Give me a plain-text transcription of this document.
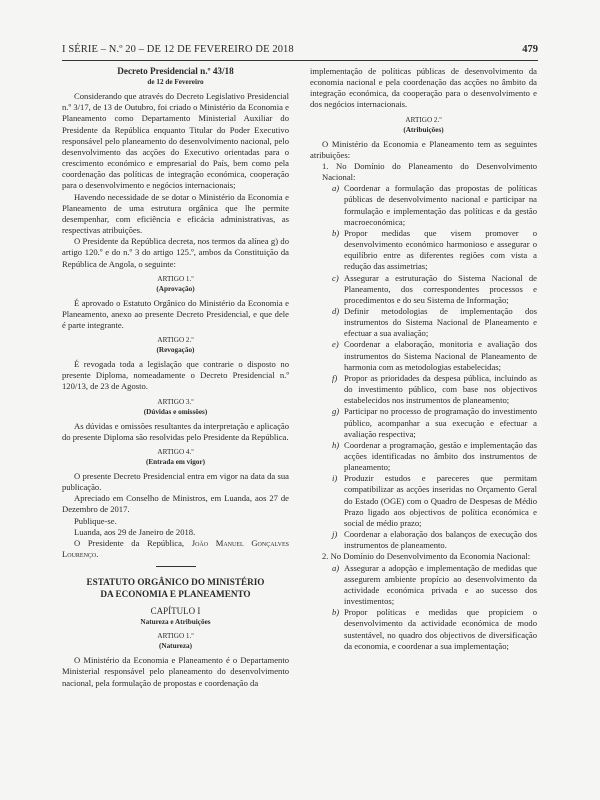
I SÉRIE – N.º 20 – DE 12 DE FEVEREIRO DE 2018	479

Decreto Presidencial n.º 43/18

de 12 de Fevereiro

Considerando que através do Decreto Legislativo Presidencial n.º 3/17, de 13 de Outubro, foi criado o Ministério da Economia e Planeamento como Departamento Ministerial Auxiliar do Presidente da República enquanto Titular do Poder Executivo responsável pelo planeamento do desenvolvimento nacional, pelo desenvolvimento das acções do Executivo orientadas para o crescimento económico e empresarial do País, bem como pela coordenação das políticas de integração económica, cooperação para o desenvolvimento e negócios internacionais;

Havendo necessidade de se dotar o Ministério da Economia e Planeamento de uma estrutura orgânica que lhe permite desempenhar, com eficiência e eficácia administrativas, as respectivas atribuições.

O Presidente da República decreta, nos termos da alínea g) do artigo 120.º e do n.º 3 do artigo 125.º, ambos da Constituição da República de Angola, o seguinte:

ARTIGO 1.º

(Aprovação)

É aprovado o Estatuto Orgânico do Ministério da Economia e Planeamento, anexo ao presente Decreto Presidencial, e que dele é parte integrante.

ARTIGO 2.º

(Revogação)

É revogada toda a legislação que contrarie o disposto no presente Diploma, nomeadamente o Decreto Presidencial n.º 120/13, de 23 de Agosto.

ARTIGO 3.º

(Dúvidas e omissões)

As dúvidas e omissões resultantes da interpretação e aplicação do presente Diploma são resolvidas pelo Presidente da República.

ARTIGO 4.º

(Entrada em vigor)

O presente Decreto Presidencial entra em vigor na data da sua publicação.

Apreciado em Conselho de Ministros, em Luanda, aos 27 de Dezembro de 2017.

Publique-se.

Luanda, aos 29 de Janeiro de 2018.

O Presidente da República, João Manuel Gonçalves Lourenço.

ESTATUTO ORGÂNICO DO MINISTÉRIO

DA ECONOMIA E PLANEAMENTO

CAPÍTULO I

Natureza e Atribuições

ARTIGO 1.º

(Natureza)

O Ministério da Economia e Planeamento é o Departamento Ministerial responsável pelo planeamento do desenvolvimento nacional, pela formulação de propostas e coordenação da

implementação de políticas públicas de desenvolvimento da economia nacional e pela coordenação das acções no âmbito da integração económica, da cooperação para o desenvolvimento e dos negócios internacionais.

ARTIGO 2.º

(Atribuições)

O Ministério da Economia e Planeamento tem as seguintes atribuições:

1. No Domínio do Planeamento do Desenvolvimento Nacional:

a) Coordenar a formulação das propostas de políticas públicas de desenvolvimento nacional e participar na formulação e implementação das políticas e da gestão macroeconómica;

b) Propor medidas que visem promover o desenvolvimento económico harmonioso e assegurar o equilíbrio entre as diferentes regiões com vista a redução das assimetrias;

c) Assegurar a estruturação do Sistema Nacional de Planeamento, dos correspondentes processos e procedimentos e do seu Sistema de Informação;

d) Definir metodologias de implementação dos instrumentos do Sistema Nacional de Planeamento e efectuar a sua avaliação;

e) Coordenar a elaboração, monitoria e avaliação dos instrumentos do Sistema Nacional de Planeamento de harmonia com as metodologias estabelecidas;

f) Propor as prioridades da despesa pública, incluindo as do investimento público, com base nos objectivos estabelecidos nos instrumentos de planeamento;

g) Participar no processo de programação do investimento público, acompanhar a sua execução e efectuar a avaliação respectiva;

h) Coordenar a programação, gestão e implementação das acções identificadas no âmbito dos instrumentos de planeamento;

i) Produzir estudos e pareceres que permitam compatibilizar as acções inseridas no Orçamento Geral do Estado (OGE) com o Quadro de Despesas de Médio Prazo ligado aos objectivos de política económica e social de médio prazo;

j) Coordenar a elaboração dos balanços de execução dos instrumentos de planeamento.

2. No Domínio do Desenvolvimento da Economia Nacional:

a) Assegurar a adopção e implementação de medidas que assegurem ambiente propício ao desenvolvimento da actividade económica privada e ao sucesso dos investimentos;

b) Propor políticas e medidas que propiciem o desenvolvimento da actividade económica de modo sustentável, no quadro dos objectivos de diversificação da economia, e coordenar a sua implementação;
